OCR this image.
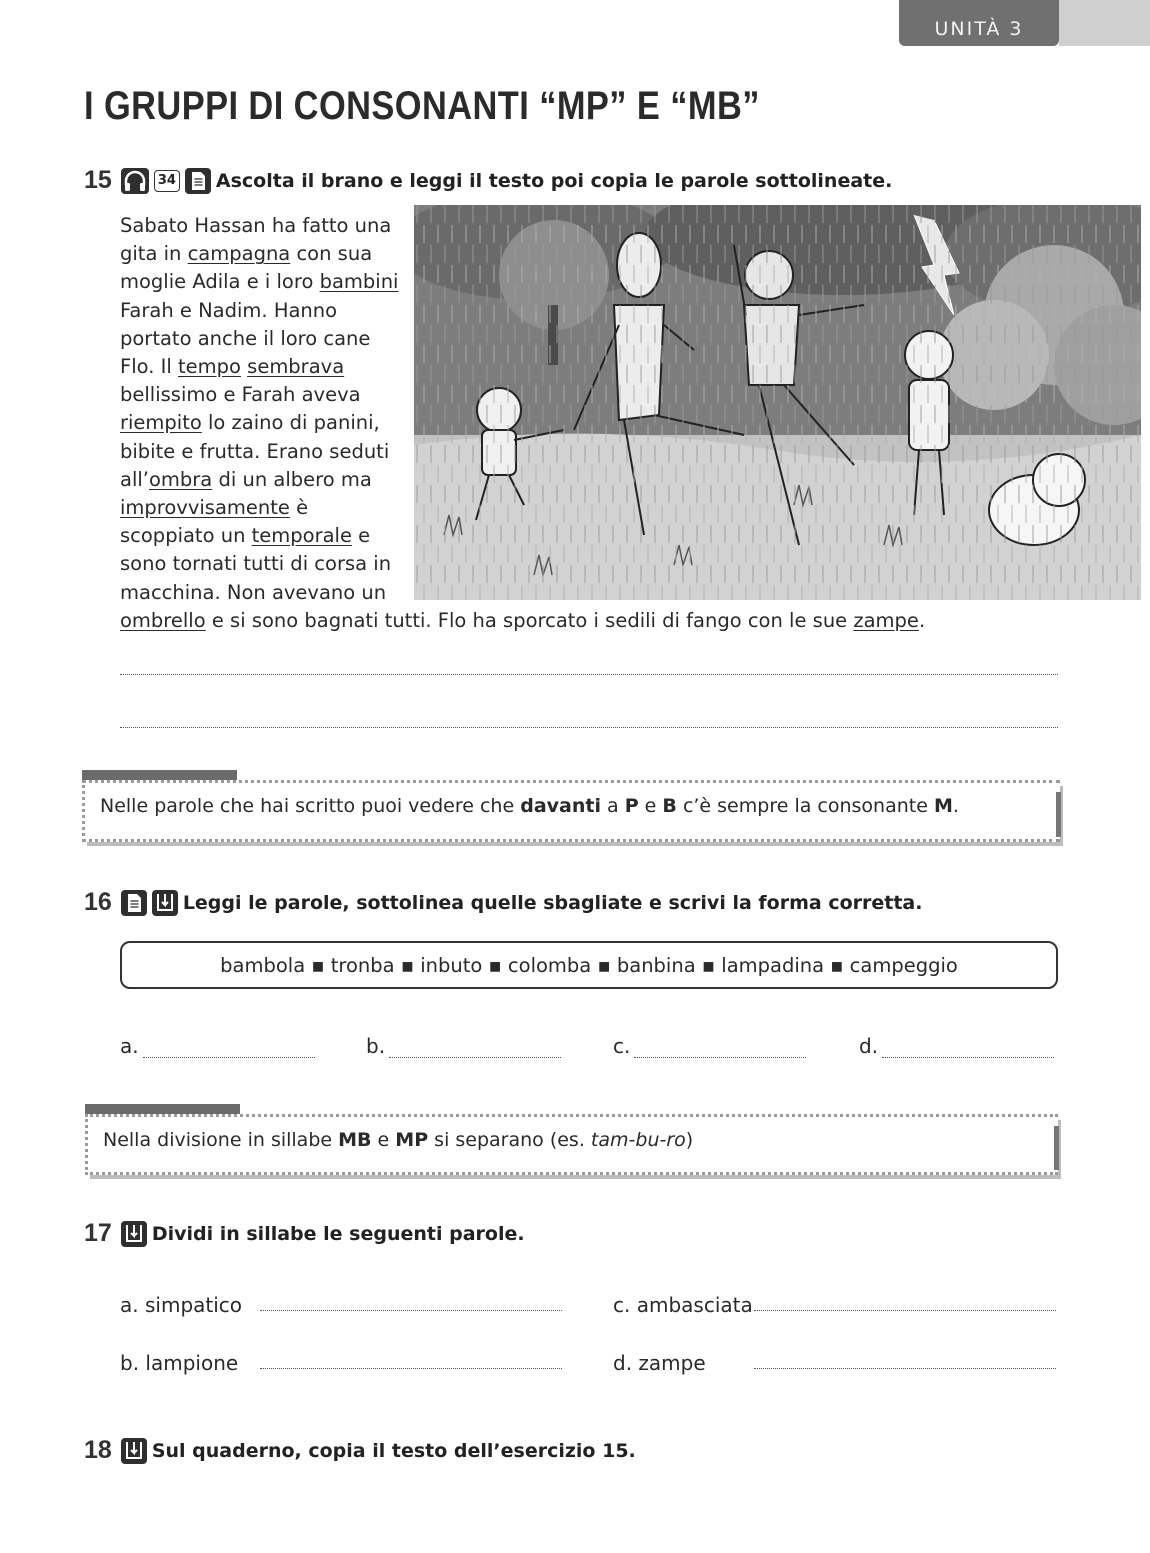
UNITÀ 3
I GRUPPI DI CONSONANTI “MP” E “MB”
15	34 Ascolta il brano e leggi il testo poi copia le parole sottolineate.
Sabato Hassan ha fatto una
gita in campagna con sua
moglie Adila e i loro bambini
Farah e Nadim. Hanno
portato anche il loro cane
Flo. Il tempo sembrava
bellissimo e Farah aveva
riempito lo zaino di panini,
bibite e frutta. Erano seduti
all’ombra di un albero ma
improvvisamente è
scoppiato un temporale e
sono tornati tutti di corsa in
macchina. Non avevano un
ombrello e si sono bagnati tutti. Flo ha sporcato i sedili di fango con le sue zampe.
Nelle parole che hai scritto puoi vedere che davanti a P e B c’è sempre la consonante M.
16	Leggi le parole, sottolinea quelle sbagliate e scrivi la forma corretta.
bambola ▪ tronba ▪ inbuto ▪ colomba ▪ banbina ▪ lampadina ▪ campeggio
a.	b.	c.	d.
Nella divisione in sillabe MB e MP si separano (es. tam-bu-ro)
17 Dividi in sillabe le seguenti parole.
a. simpatico
b. lampione
c. ambasciata
d. zampe
18 Sul quaderno, copia il testo dell’esercizio 15.
